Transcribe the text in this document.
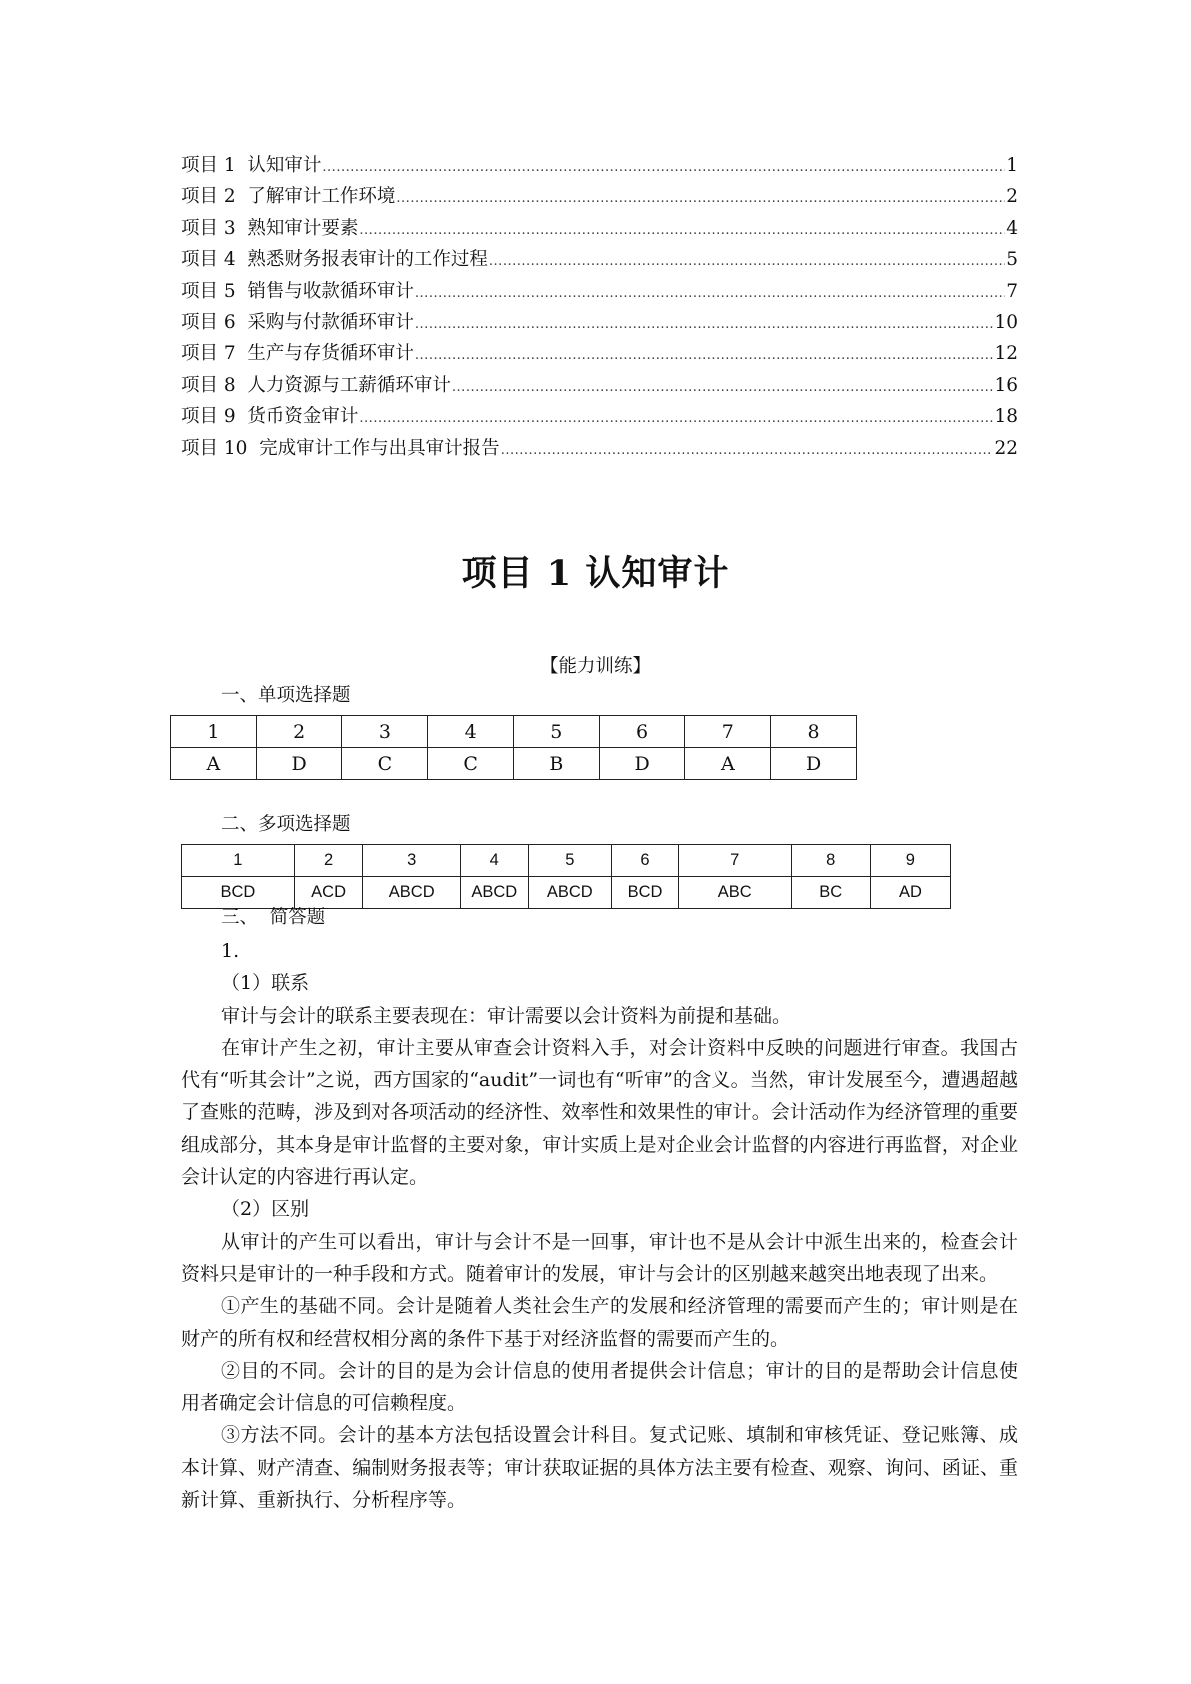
项目 1  认知审计 .....	1
项目 2  了解审计工作环境 .....	2
项目 3  熟知审计要素 .....	4
项目 4  熟悉财务报表审计的工作过程 .....	5
项目 5  销售与收款循环审计 .....	7
项目 6  采购与付款循环审计 .....	10
项目 7  生产与存货循环审计 .....	12
项目 8  人力资源与工薪循环审计 .....	16
项目 9  货币资金审计 .....	18
项目 10  完成审计工作与出具审计报告 .....	22
项目 1 认知审计
【能力训练】
一、单项选择题
1	2	3	4	5	6	7	8
A	D	C	C	B	D	A	D
二、多项选择题
1	2	3	4	5	6	7	8	9
BCD	ACD	ABCD	ABCD	ABCD	BCD	ABC	BC	AD
三、  简答题

1.

（1）联系

审计与会计的联系主要表现在：审计需要以会计资料为前提和基础。

在审计产生之初，审计主要从审查会计资料入手，对会计资料中反映的问题进行审查。我国古代有“听其会计”之说，西方国家的“audit”一词也有“听审”的含义。当然，审计发展至今，遭遇超越了查账的范畴，涉及到对各项活动的经济性、效率性和效果性的审计。会计活动作为经济管理的重要组成部分，其本身是审计监督的主要对象，审计实质上是对企业会计监督的内容进行再监督，对企业会计认定的内容进行再认定。

（2）区别

从审计的产生可以看出，审计与会计不是一回事，审计也不是从会计中派生出来的，检查会计资料只是审计的一种手段和方式。随着审计的发展，审计与会计的区别越来越突出地表现了出来。

①产生的基础不同。会计是随着人类社会生产的发展和经济管理的需要而产生的；审计则是在财产的所有权和经营权相分离的条件下基于对经济监督的需要而产生的。

②目的不同。会计的目的是为会计信息的使用者提供会计信息；审计的目的是帮助会计信息使用者确定会计信息的可信赖程度。

③方法不同。会计的基本方法包括设置会计科目。复式记账、填制和审核凭证、登记账簿、成本计算、财产清查、编制财务报表等；审计获取证据的具体方法主要有检查、观察、询问、函证、重新计算、重新执行、分析程序等。
